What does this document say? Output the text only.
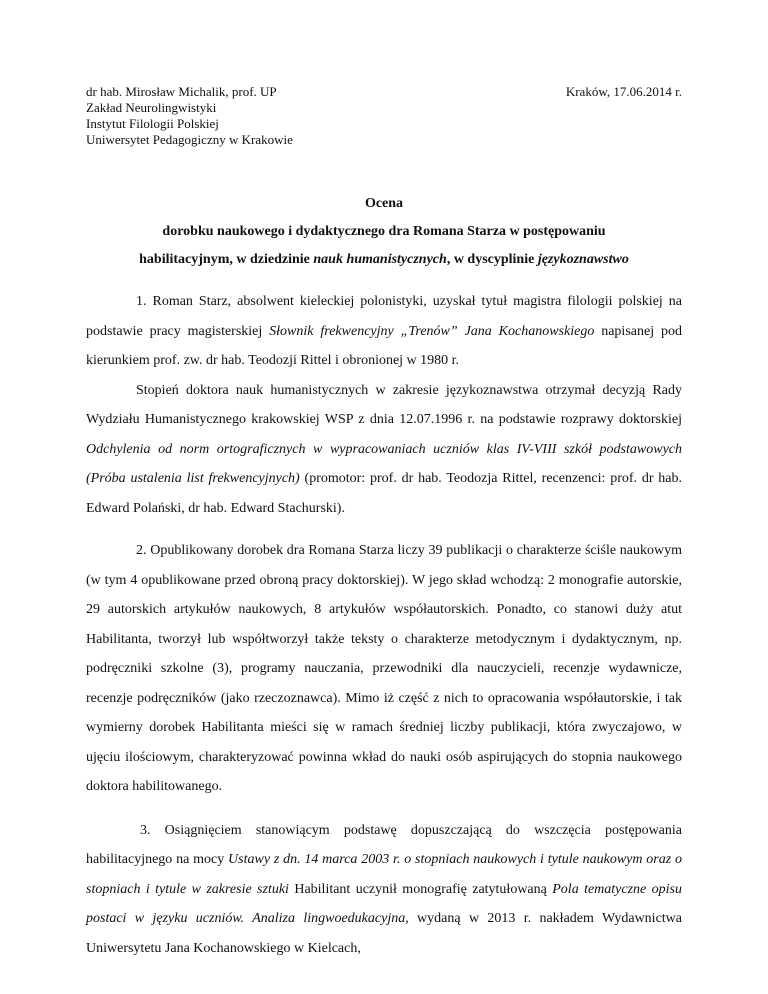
dr hab. Mirosław Michalik, prof. UP
Zakład Neurolingwistyki
Instytut Filologii Polskiej
Uniwersytet Pedagogiczny w Krakowie
Kraków, 17.06.2014 r.
Ocena
dorobku naukowego i dydaktycznego dra Romana Starza w postępowaniu
habilitacyjnym, w dziedzinie nauk humanistycznych, w dyscyplinie językoznawstwo

1. Roman Starz, absolwent kieleckiej polonistyki, uzyskał tytuł magistra filologii polskiej na podstawie pracy magisterskiej Słownik frekwencyjny „Trenów” Jana Kochanowskiego napisanej pod kierunkiem prof. zw. dr hab. Teodozji Rittel i obronionej w 1980 r.

Stopień doktora nauk humanistycznych w zakresie językoznawstwa otrzymał decyzją Rady Wydziału Humanistycznego krakowskiej WSP z dnia 12.07.1996 r. na podstawie rozprawy doktorskiej Odchylenia od norm ortograficznych w wypracowaniach uczniów klas IV-VIII szkół podstawowych (Próba ustalenia list frekwencyjnych) (promotor: prof. dr hab. Teodozja Rittel, recenzenci: prof. dr hab. Edward Polański, dr hab. Edward Stachurski).

2. Opublikowany dorobek dra Romana Starza liczy 39 publikacji o charakterze ściśle naukowym (w tym 4 opublikowane przed obroną pracy doktorskiej). W jego skład wchodzą: 2 monografie autorskie, 29 autorskich artykułów naukowych, 8 artykułów współautorskich. Ponadto, co stanowi duży atut Habilitanta, tworzył lub współtworzył także teksty o charakterze metodycznym i dydaktycznym, np. podręczniki szkolne (3), programy nauczania, przewodniki dla nauczycieli, recenzje wydawnicze, recenzje podręczników (jako rzeczoznawca). Mimo iż część z nich to opracowania współautorskie, i tak wymierny dorobek Habilitanta mieści się w ramach średniej liczby publikacji, która zwyczajowo, w ujęciu ilościowym, charakteryzować powinna wkład do nauki osób aspirujących do stopnia naukowego doktora habilitowanego.

3. Osiągnięciem stanowiącym podstawę dopuszczającą do wszczęcia postępowania habilitacyjnego na mocy Ustawy z dn. 14 marca 2003 r. o stopniach naukowych i tytule naukowym oraz o stopniach i tytule w zakresie sztuki Habilitant uczynił monografię zatytułowaną Pola tematyczne opisu postaci w języku uczniów. Analiza lingwoedukacyjna, wydaną w 2013 r. nakładem Wydawnictwa Uniwersytetu Jana Kochanowskiego w Kielcach,
